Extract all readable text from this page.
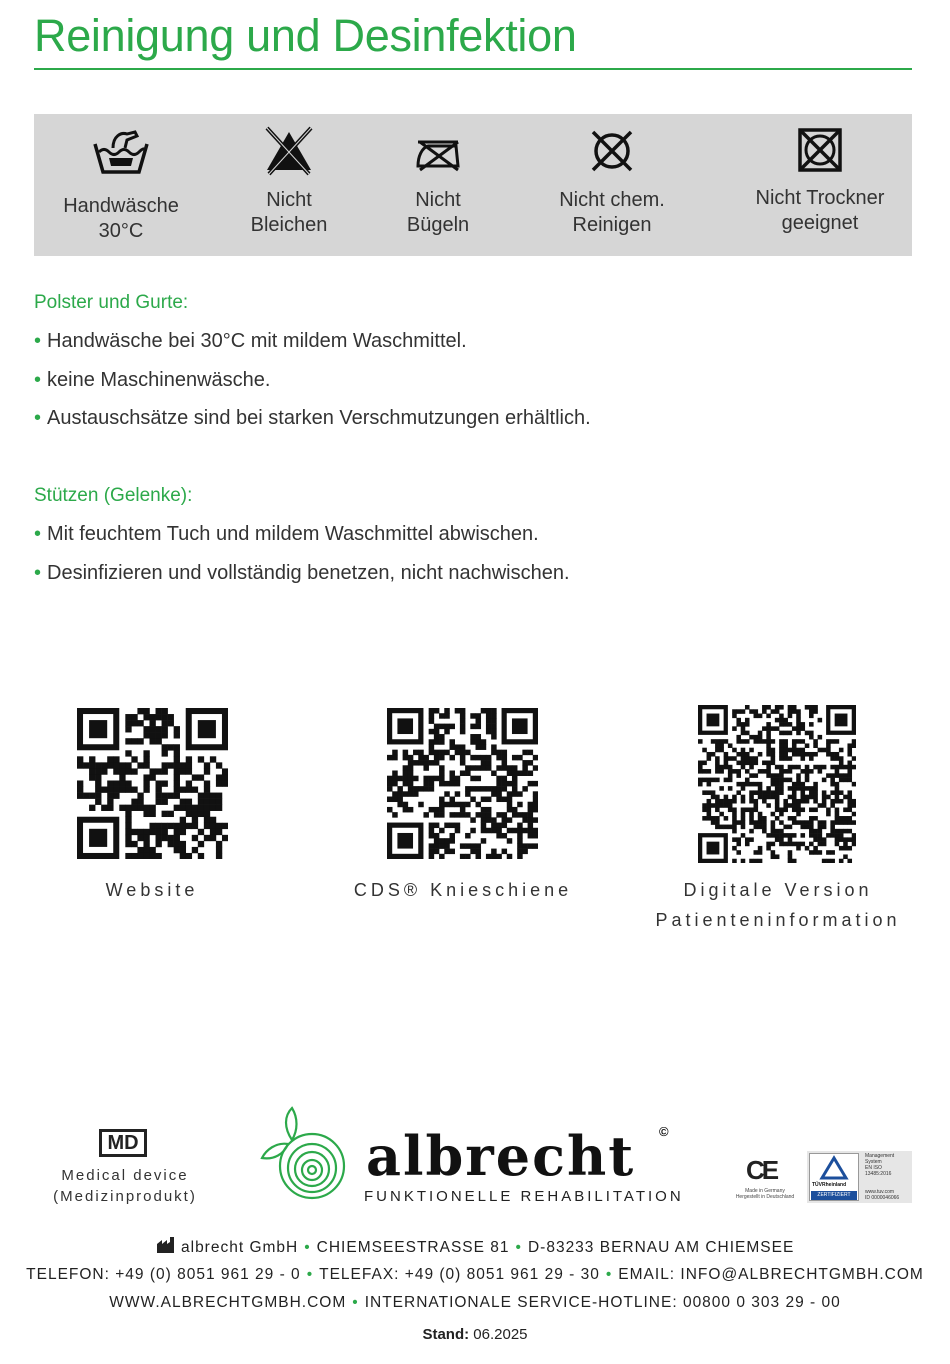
Reinigung und Desinfektion
Handwäsche
30°C
Nicht
Bleichen
Nicht
Bügeln
Nicht chem.
Reinigen
Nicht Trockner
geeignet
Polster und Gurte:
• Handwäsche bei 30°C mit mildem Waschmittel.
• keine Maschinenwäsche.
• Austauschsätze sind bei starken Verschmutzungen erhältlich.
Stützen (Gelenke):
• Mit feuchtem Tuch und mildem Waschmittel abwischen.
• Desinfizieren und vollständig benetzen, nicht nachwischen.
Website	CDS® Knieschiene	Digitale Version
Patienteninformation
MD
Medical device
(Medizinprodukt)
albrecht ©
FUNKTIONELLE REHABILITATION
CE
Made in Germany
Hergestellt in Deutschland
TÜVRheinland
ZERTIFIZIERT
Management
System
EN ISO
13485:2016
www.tuv.com
ID 0000046066
albrecht GmbH • CHIEMSEESTRASSE 81 • D-83233 BERNAU AM CHIEMSEE
TELEFON: +49 (0) 8051 961 29 - 0 • TELEFAX: +49 (0) 8051 961 29 - 30 • EMAIL: INFO@ALBRECHTGMBH.COM
WWW.ALBRECHTGMBH.COM • INTERNATIONALE SERVICE-HOTLINE: 00800 0 303 29 - 00
Stand: 06.2025
